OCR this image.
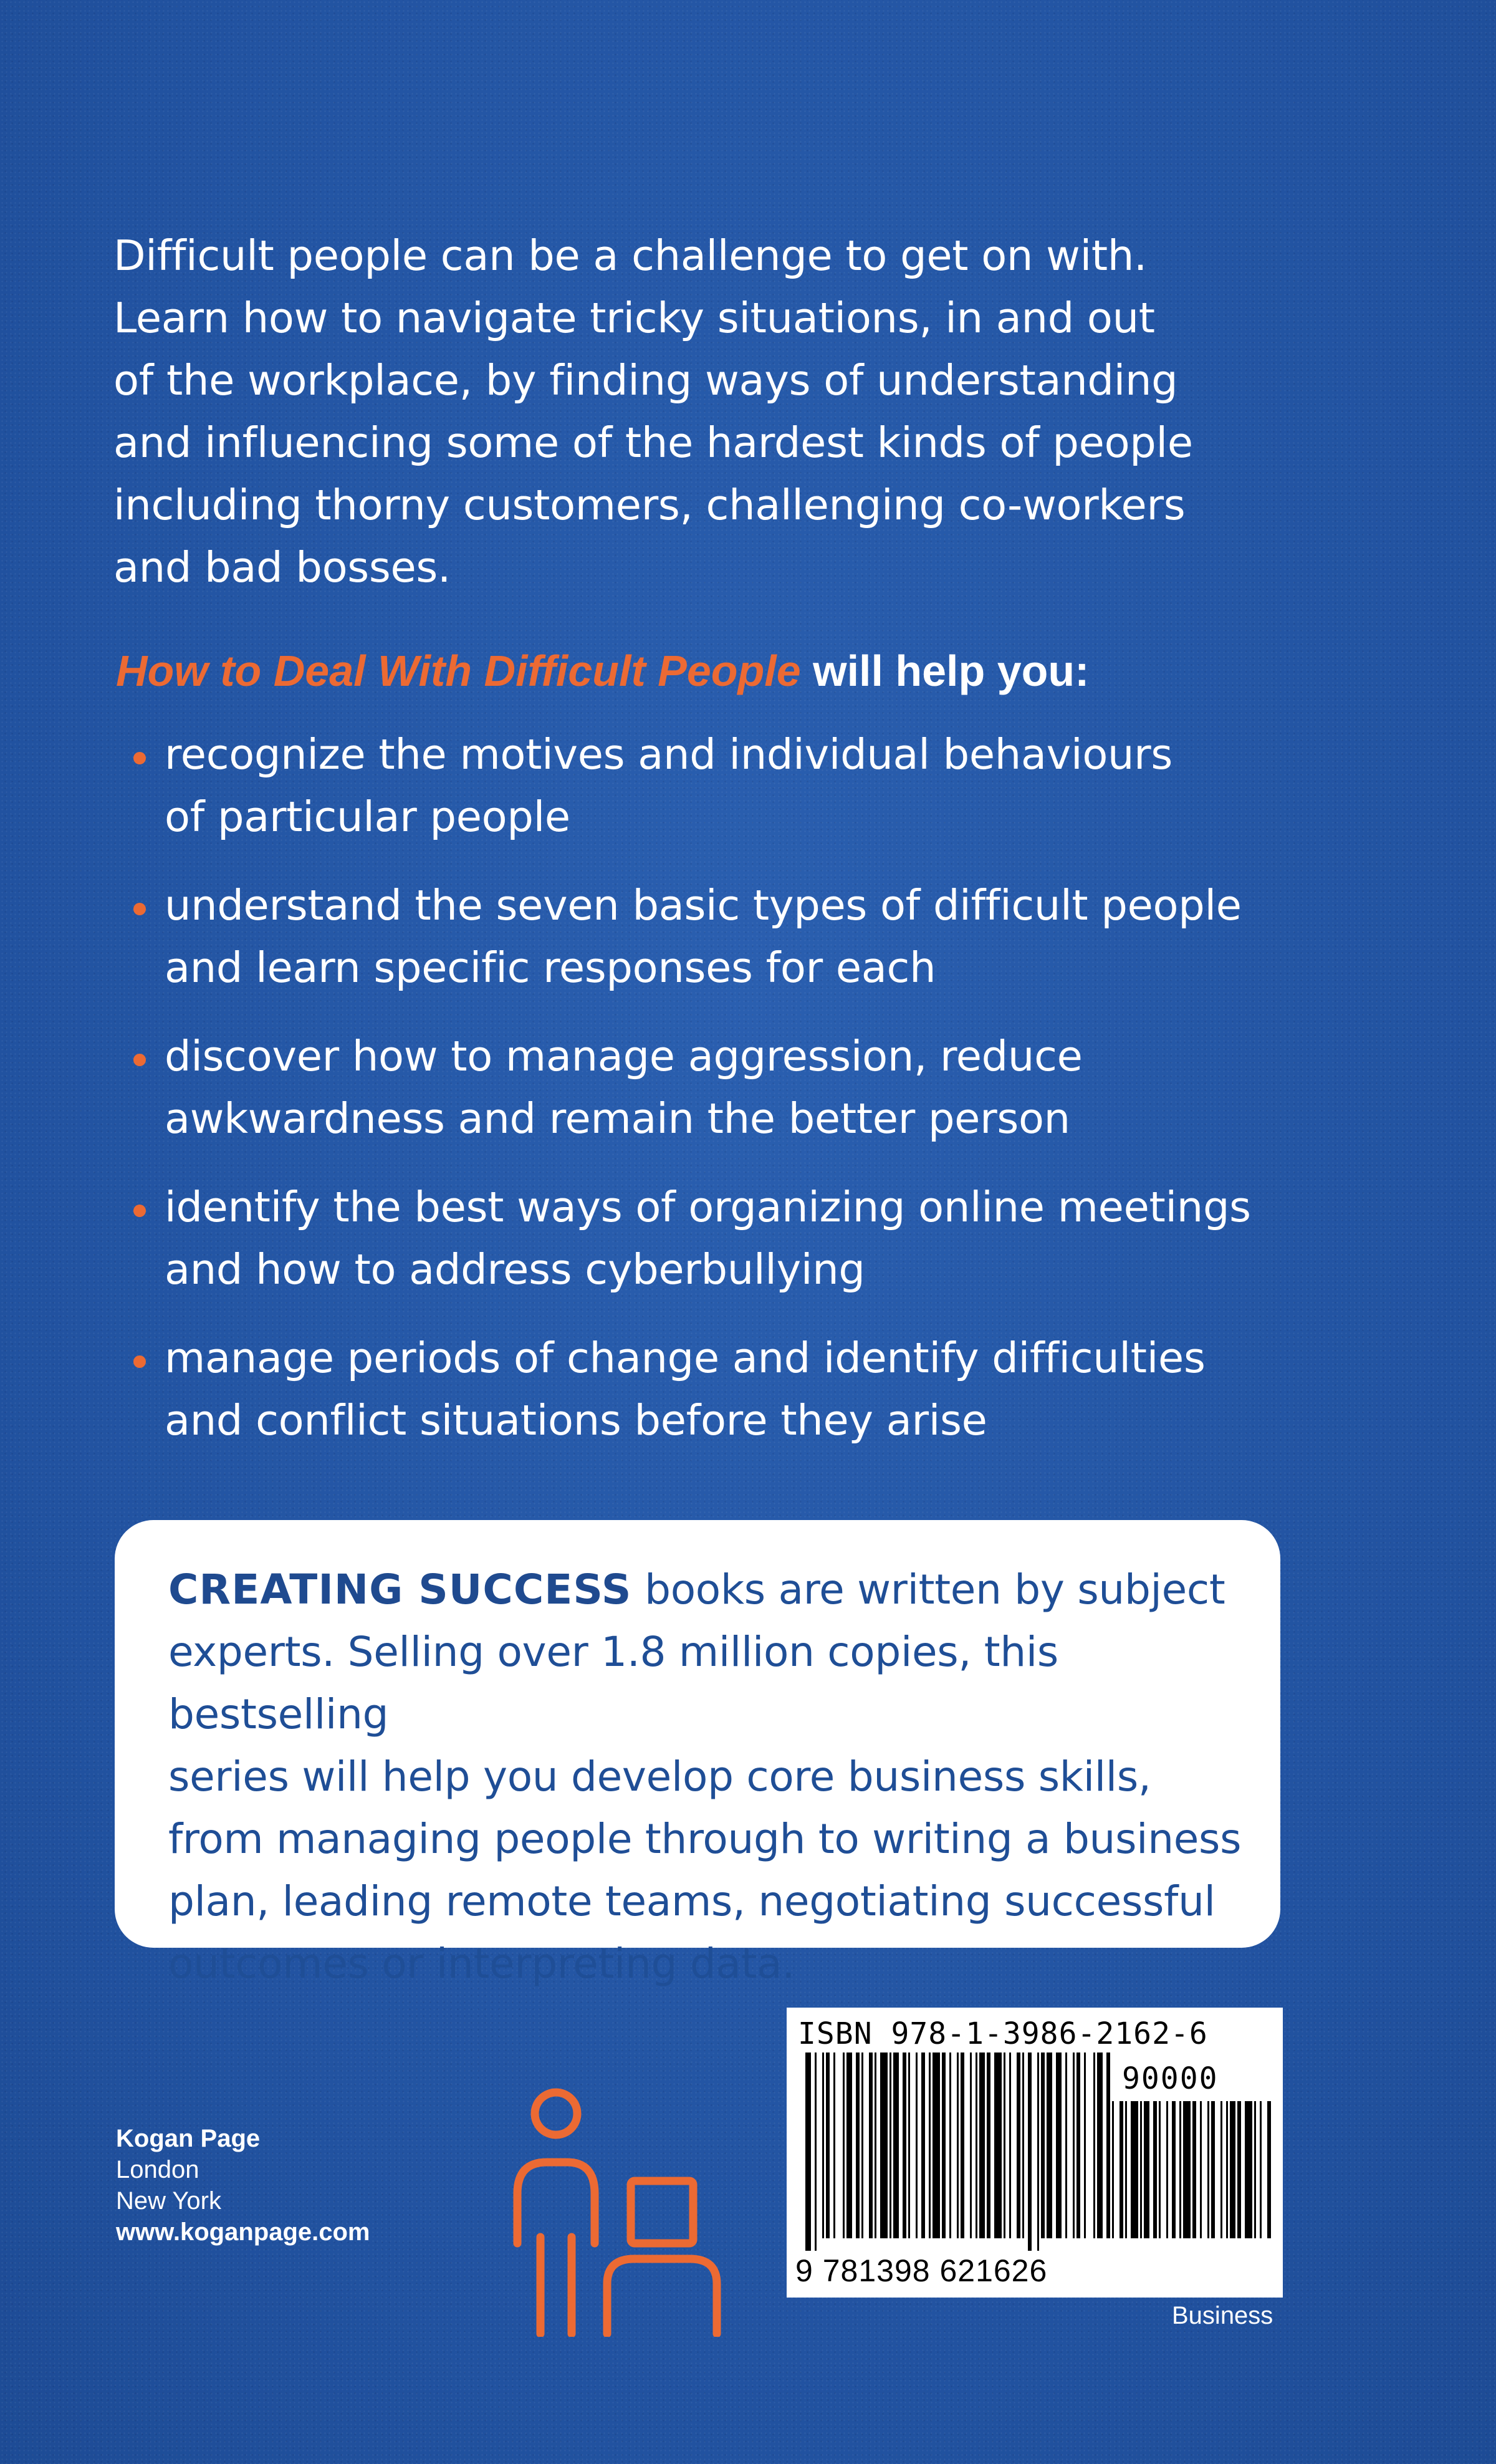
Difficult people can be a challenge to get on with.
Learn how to navigate tricky situations, in and out
of the workplace, by finding ways of understanding
and influencing some of the hardest kinds of people
including thorny customers, challenging co-workers
and bad bosses.

How to Deal With Difficult People will help you:

recognize the motives and individual behaviours
of particular people
understand the seven basic types of difficult people
and learn specific responses for each
discover how to manage aggression, reduce
awkwardness and remain the better person
identify the best ways of organizing online meetings
and how to address cyberbullying
manage periods of change and identify difficulties
and conflict situations before they arise

CREATING SUCCESS books are written by subject
experts. Selling over 1.8 million copies, this bestselling
series will help you develop core business skills,
from managing people through to writing a business
plan, leading remote teams, negotiating successful
outcomes or interpreting data.

Kogan Page
London
New York
www.koganpage.com
ISBN 978-1-3986-2162-6
90000
9 781398 621626
Business
